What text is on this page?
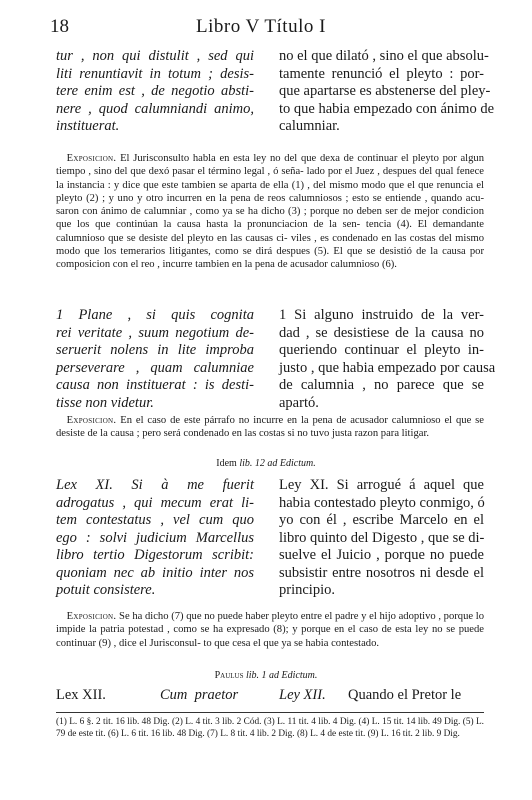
18	Libro V Título I
tur , non qui distulit , sed qui
liti renuntiavit in totum ; desis-
tere enim est , de negotio absti-
nere , quod calumniandi animo,
instituerat.
no el que dilató , sino el que absolu-
tamente renunció el pleyto : por-
que apartarse es abstenerse del pley-
to que habia empezado con ánimo de
calumniar.
 Exposicion. El Jurisconsulto habla en esta ley no del que dexa de continuar el pleyto por algun tiempo , sino del que dexó pasar el término legal , ó seña- lado por el Juez , despues del qual fenece la instancia : y dice que este tambien se aparta de ella (1) , del mismo modo que el que renuncia el pleyto (2) ; y uno y otro incurren en la pena de reos calumniosos ; esto se entiende , quando acu- saron con ánimo de calumniar , como ya se ha dicho (3) ; porque no deben ser de mejor condicion que los que continúan la causa hasta la pronunciacion de la sen- tencia (4). El demandante calumnioso que se desiste del pleyto en las causas ci- viles , es condenado en las costas del mismo modo que los temerarios litigantes, como se dirá despues (5). El que se desistió de la causa por composicion con el reo , incurre tambien en la pena de acusador calumnioso (6).
1 Plane , si quis cognita
rei veritate , suum negotium de-
seruerit nolens in lite improba
perseverare , quam calumniae
causa non instituerat : is desti-
tisse non videtur.
1 Si alguno instruido de la ver-
dad , se desistiese de la causa no
queriendo continuar el pleyto in-
justo , que habia empezado por causa
de calumnia , no parece que se
apartó.
 Exposicion. En el caso de este párrafo no incurre en la pena de acusador calumnioso el que se desiste de la causa ; pero será condenado en las costas si no tuvo justa razon para litigar.
Idem lib. 12 ad Edictum.
Lex XI. Si à me fuerit
adrogatus , qui mecum erat li-
tem contestatus , vel cum quo
ego : solvi judicium Marcellus
libro tertio Digestorum scribit:
quoniam nec ab initio inter nos
potuit consistere.
Ley XI. Si arrogué á aquel que
habia contestado pleyto conmigo, ó
yo con él , escribe Marcelo en el
libro quinto del Digesto , que se di-
suelve el Juicio , porque no puede
subsistir entre nosotros ni desde el
principio.
 Exposicion. Se ha dicho (7) que no puede haber pleyto entre el padre y el hijo adoptivo , porque lo impide la patria potestad , como se ha expresado (8); y porque en el caso de esta ley no se puede continuar (9) , dice el Jurisconsul- to que cesa el que ya se habia contestado.
Paulus lib. 1 ad Edictum.
Lex XII.	Cum  praetor	Ley XII. Quando el Pretor le
(1) L. 6 §. 2 tit. 16 lib. 48 Dig. (2) L. 4 tit. 3 lib. 2 Cód. (3) L. 11 tit. 4 lib. 4 Dig. (4) L. 15 tit. 14 lib. 49 Dig. (5) L. 79 de este tit. (6) L. 6 tit. 16 lib. 48 Dig. (7) L. 8 tit. 4 lib. 2 Dig. (8) L. 4 de este tit. (9) L. 16 tit. 2 lib. 9 Dig.
